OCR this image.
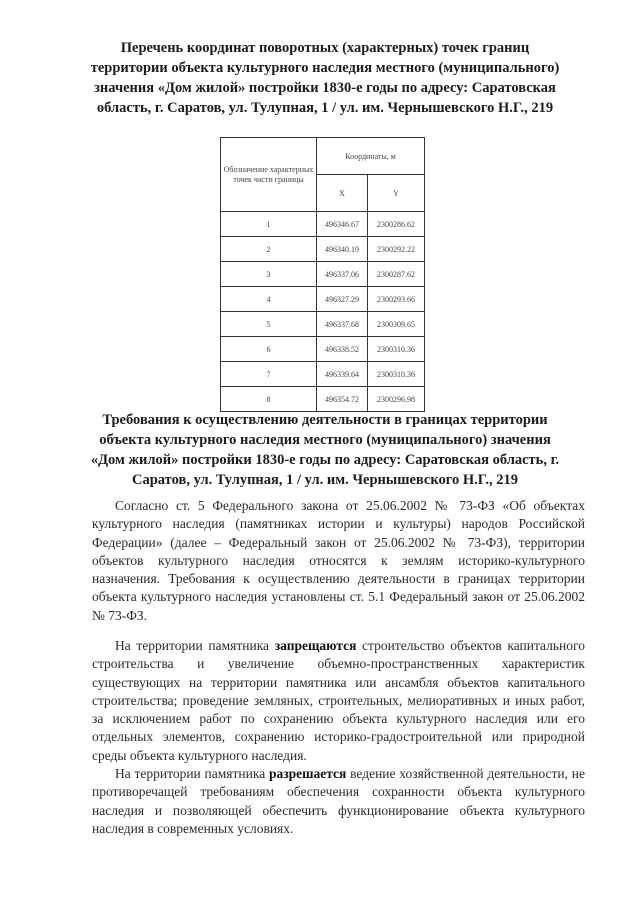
Перечень координат поворотных (характерных) точек границ
территории объекта культурного наследия местного (муниципального)
значения «Дом жилой» постройки 1830-е годы по адресу: Саратовская
область, г. Саратов, ул. Тулупная, 1 / ул. им. Чернышевского Н.Г., 219
Обозначение характерных точек части границы	Координаты, м	
	X	Y
1	496346.67	2300286.62
2	496340.19	2300292.22
3	496337.06	2300287.62
4	496327.29	2300293.66
5	496337.68	2300309.65
6	496338.52	2300310.36
7	496339.64	2300310.36
8	496354.72	2300296.98
Требования к осуществлению деятельности в границах территории
объекта культурного наследия местного (муниципального) значения
«Дом жилой» постройки 1830-е годы по адресу: Саратовская область, г.
Саратов, ул. Тулупная, 1 / ул. им. Чернышевского Н.Г., 219

Согласно ст. 5 Федерального закона от 25.06.2002 № 73-ФЗ «Об объектах культурного наследия (памятниках истории и культуры) народов Российской Федерации» (далее – Федеральный закон от 25.06.2002 № 73-ФЗ), территории объектов культурного наследия относятся к землям историко-культурного назначения. Требования к осуществлению деятельности в границах территории объекта культурного наследия установлены ст. 5.1 Федеральный закон от 25.06.2002 № 73-ФЗ.

На территории памятника запрещаются строительство объектов капитального строительства и увеличение объемно-пространственных характеристик существующих на территории памятника или ансамбля объектов капитального строительства; проведение земляных, строительных, мелиоративных и иных работ, за исключением работ по сохранению объекта культурного наследия или его отдельных элементов, сохранению историко-градостроительной или природной среды объекта культурного наследия.

На территории памятника разрешается ведение хозяйственной деятельности, не противоречащей требованиям обеспечения сохранности объекта культурного наследия и позволяющей обеспечить функционирование объекта культурного наследия в современных условиях.
